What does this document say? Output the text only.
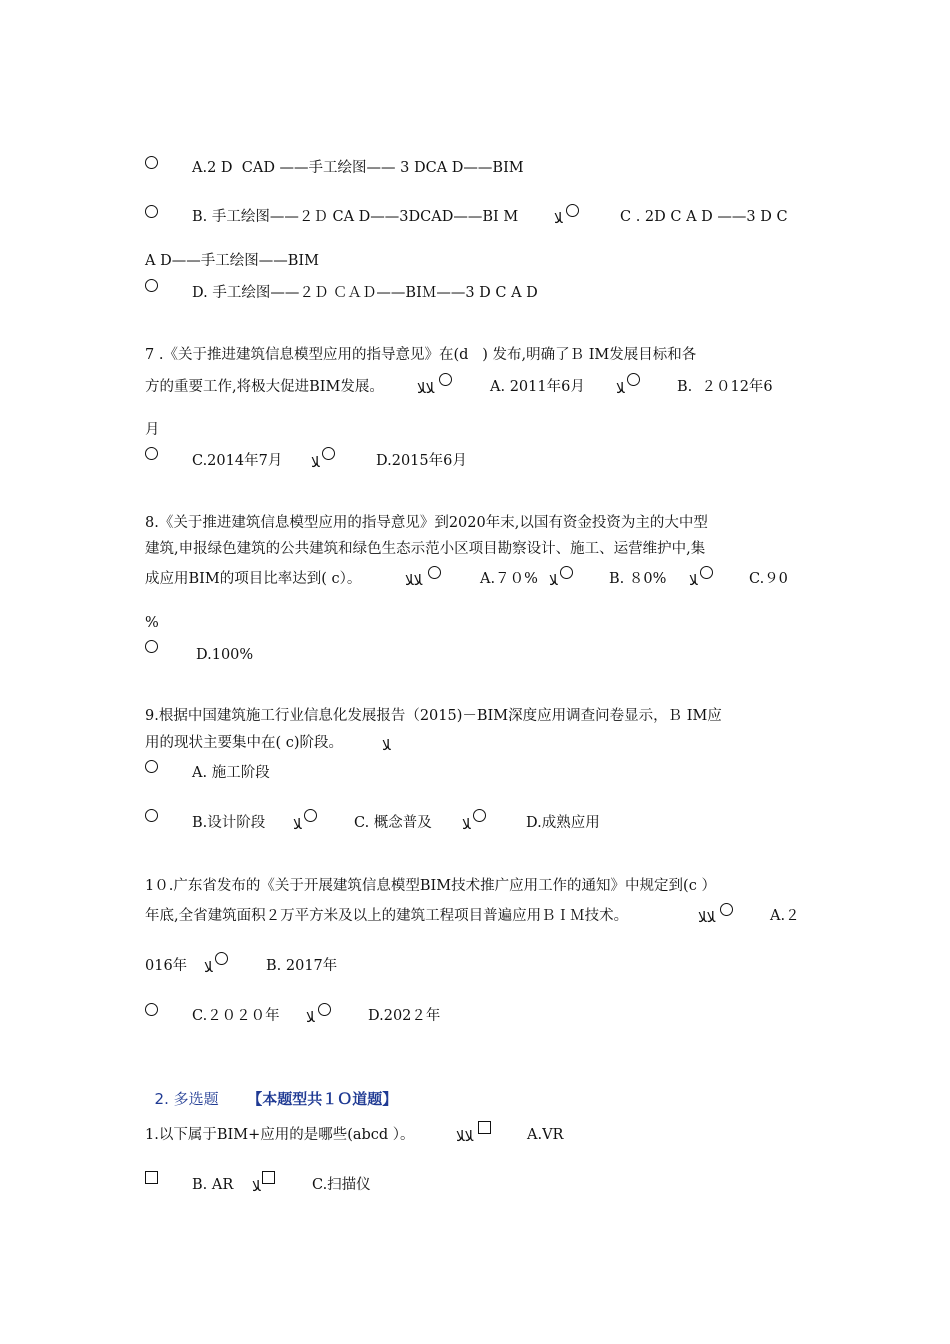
A.2 D  CAD ——手工绘图—— 3 DCA D——BIM
B. 手工绘图——２Ｄ CA D——3DCAD——BI M ﻼ	C . 2D C A D ——3 D C
A D——手工绘图——BIM
D. 手工绘图——２Ｄ ＣＡＤ——BIＭ——3 D C A D
7 .《关于推进建筑信息模型应用的指导意见》在(d   ) 发布,明确了Ｂ IM发展目标和各
方的重要工作,将极大促进BIM发展。 ﻼﻼ	A. 2011年6月 ﻼ	B.  ２０12年6
月
C.2014年7月 ﻼ	D.2015年6月
8.《关于推进建筑信息模型应用的指导意见》到2020年末,以国有资金投资为主的大中型
建筑,申报绿色建筑的公共建筑和绿色生态示范小区项目勘察设计、施工、运营维护中,集
成应用BIM的项目比率达到( c）。	ﻼﻼ	A.７０% ﻼ	B. ８0% ﻼ	C.９0
%
D.100%
9.根据中国建筑施工行业信息化发展报告（2015)－BIM深度应用调查问卷显示，Ｂ IM应
用的现状主要集中在( c)阶段。	ﻼ
A. 施工阶段
B.设计阶段 ﻼ	C. 概念普及 ﻼ	D.成熟应用
1０.广东省发布的《关于开展建筑信息模型BIM技术推广应用工作的通知》中规定到(c ）
年底,全省建筑面积２万平方米及以上的建筑工程项目普遍应用ＢＩＭ技术。	ﻼﻼ	A.２
016年 ﻼ	B. 2017年
C.２０２０年 ﻼ	D.202２年

2. 多选题 【本题型共１Ｏ道题】

1.以下属于BIM+应用的是哪些(abcd ）。	ﻼﻼ	A.VR
B. AR ﻼ	C.扫描仪
